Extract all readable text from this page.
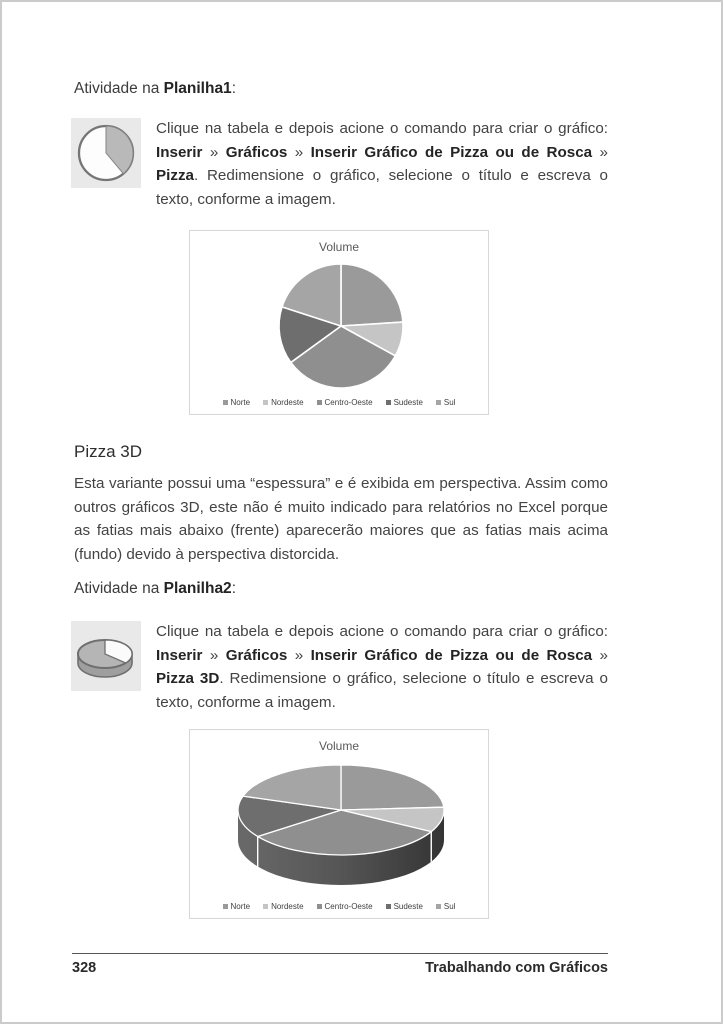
Atividade na Planilha1:
Clique na tabela e depois acione o comando para criar o gráfico: Inserir » Gráficos » Inserir Gráfico de Pizza ou de Rosca » Pizza. Redimensione o gráfico, selecione o título e escreva o texto, conforme a imagem.
Volume
Norte	Nordeste	Centro-Oeste	Sudeste	Sul
Pizza 3D
Esta variante possui uma “espessura” e é exibida em perspectiva. Assim como outros gráficos 3D, este não é muito indicado para relatórios no Excel porque as fatias mais abaixo (frente) aparecerão maiores que as fatias mais acima (fundo) devido à perspectiva distorcida.
Atividade na Planilha2:
Clique na tabela e depois acione o comando para criar o gráfico: Inserir » Gráficos » Inserir Gráfico de Pizza ou de Rosca » Pizza 3D. Redimensione o gráfico, selecione o título e escreva o texto, conforme a imagem.
Volume
Norte	Nordeste	Centro-Oeste	Sudeste	Sul
328	Trabalhando com Gráficos
